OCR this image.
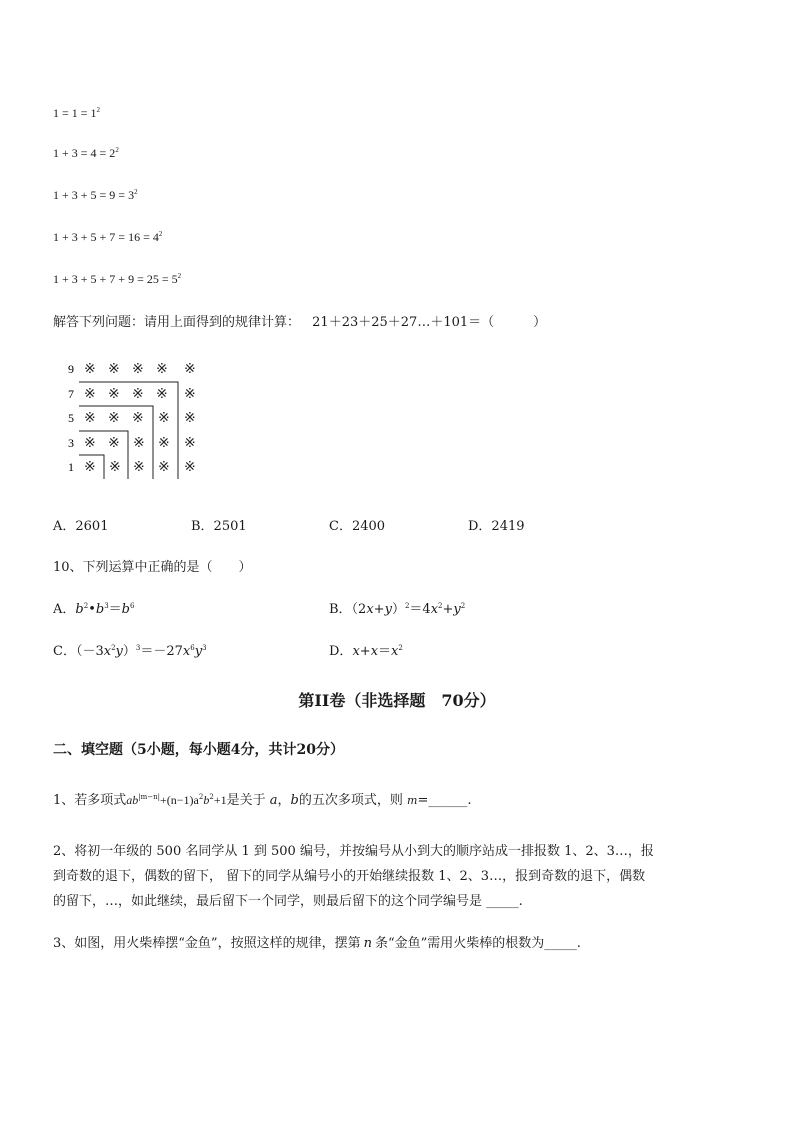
$1 = 1 = 1^2$
$1 + 3 = 4 = 2^2$
$1 + 3 + 5 = 9 = 3^2$
$1 + 3 + 5 + 7 = 16 = 4^2$
$1 + 3 + 5 + 7 + 9 = 25 = 5^2$
解答下列问题：请用上面得到的规律计算： 21＋23＋25＋27…＋101＝（　　　）
9
7
5
3
1
※ ※ ※ ※ ※
※ ※ ※ ※ ※
※ ※ ※ ※ ※
※ ※ ※ ※ ※
※ ※ ※ ※ ※
A．2601	B．2501	C．2400	D．2419
10、下列运算中正确的是（　　）
A．$b^2•b^3=b^6$	B．$(2x+y)^2=4x^2+y^2$
C．$(-3x^2y)^3=-27x^6y^3$	D．$x+x=x^2$
第II卷（非选择题　70分）
二、填空题（5小题，每小题4分，共计20分）
1、若多项式$ab^{|m-n|}+(n-1)a^2b^2+1$是关于 a，b的五次多项式，则 m=______.
2、将初一年级的 500 名同学从 1 到 500 编号，并按编号从小到大的顺序站成一排报数 1、2、3…，报
到奇数的退下，偶数的留下， 留下的同学从编号小的开始继续报数 1、2、3…，报到奇数的退下，偶数
的留下，…，如此继续，最后留下一个同学，则最后留下的这个同学编号是 _____.
3、如图，用火柴棒摆“金鱼”，按照这样的规律，摆第 n 条“金鱼”需用火柴棒的根数为_____.
